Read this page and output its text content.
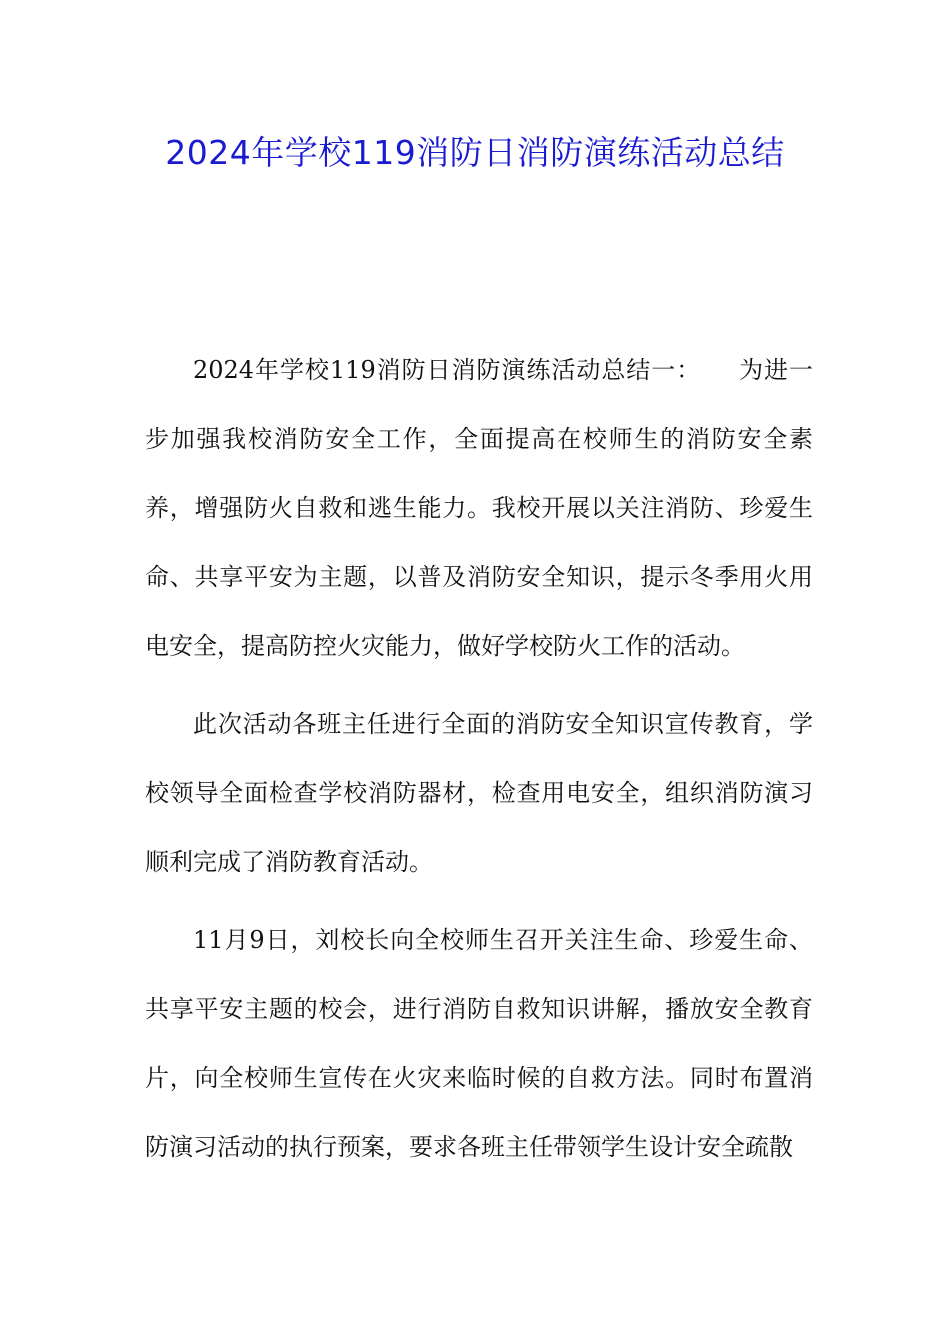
2024年学校119消防日消防演练活动总结

2024年学校119消防日消防演练活动总结一：　　为进一步加强我校消防安全工作，全面提高在校师生的消防安全素养，增强防火自救和逃生能力。我校开展以关注消防、珍爱生命、共享平安为主题，以普及消防安全知识，提示冬季用火用电安全，提高防控火灾能力，做好学校防火工作的活动。

此次活动各班主任进行全面的消防安全知识宣传教育，学校领导全面检查学校消防器材，检查用电安全，组织消防演习顺利完成了消防教育活动。

11月9日，刘校长向全校师生召开关注生命、珍爱生命、共享平安主题的校会，进行消防自救知识讲解，播放安全教育片，向全校师生宣传在火灾来临时候的自救方法。同时布置消防演习活动的执行预案，要求各班主任带领学生设计安全疏散
